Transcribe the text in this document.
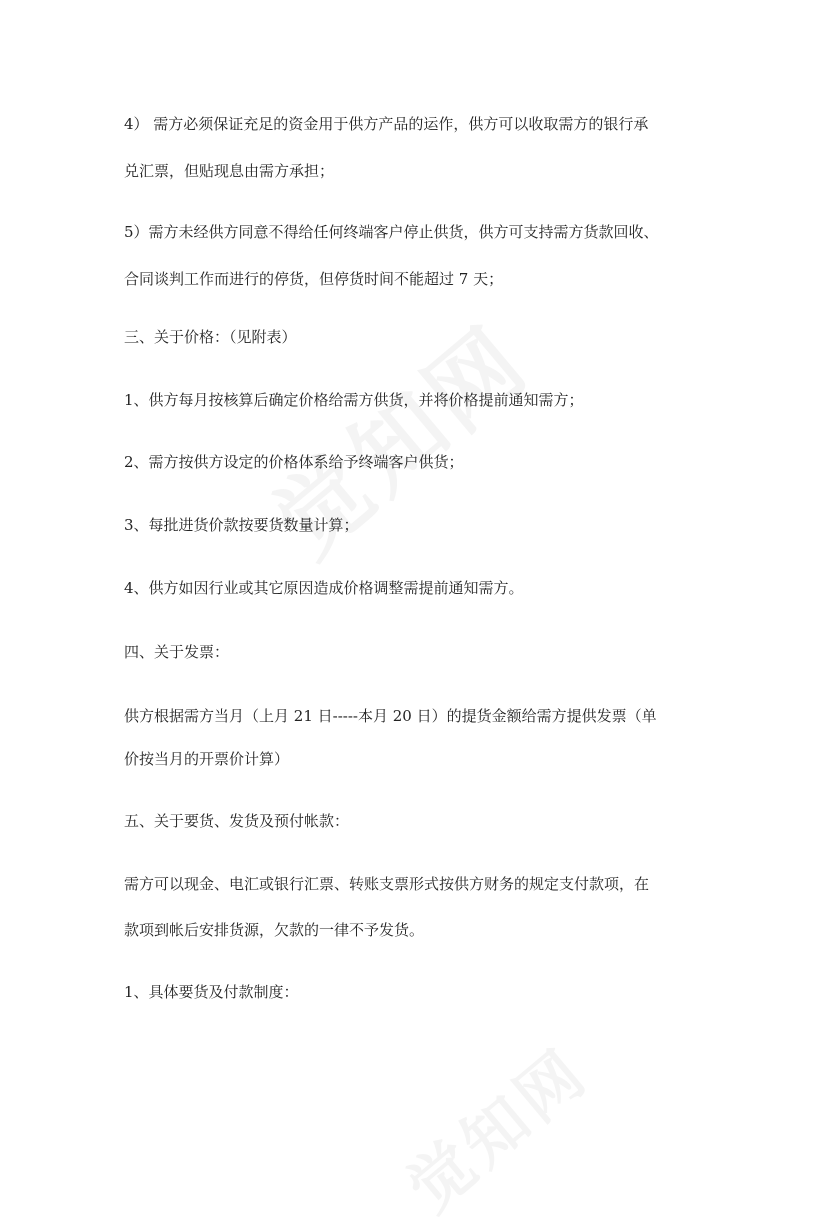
4） 需方必须保证充足的资金用于供方产品的运作，供方可以收取需方的银行承
兑汇票，但贴现息由需方承担；
5）需方未经供方同意不得给任何终端客户停止供货，供方可支持需方货款回收、
合同谈判工作而进行的停货，但停货时间不能超过 7 天；
三、关于价格：（见附表）
1、供方每月按核算后确定价格给需方供货，并将价格提前通知需方；
2、需方按供方设定的价格体系给予终端客户供货；
3、每批进货价款按要货数量计算；
4、供方如因行业或其它原因造成价格调整需提前通知需方。
四、关于发票：
供方根据需方当月（上月 21 日-----本月 20 日）的提货金额给需方提供发票（单
价按当月的开票价计算）
五、关于要货、发货及预付帐款：
需方可以现金、电汇或银行汇票、转账支票形式按供方财务的规定支付款项，在
款项到帐后安排货源，欠款的一律不予发货。
1、具体要货及付款制度：
